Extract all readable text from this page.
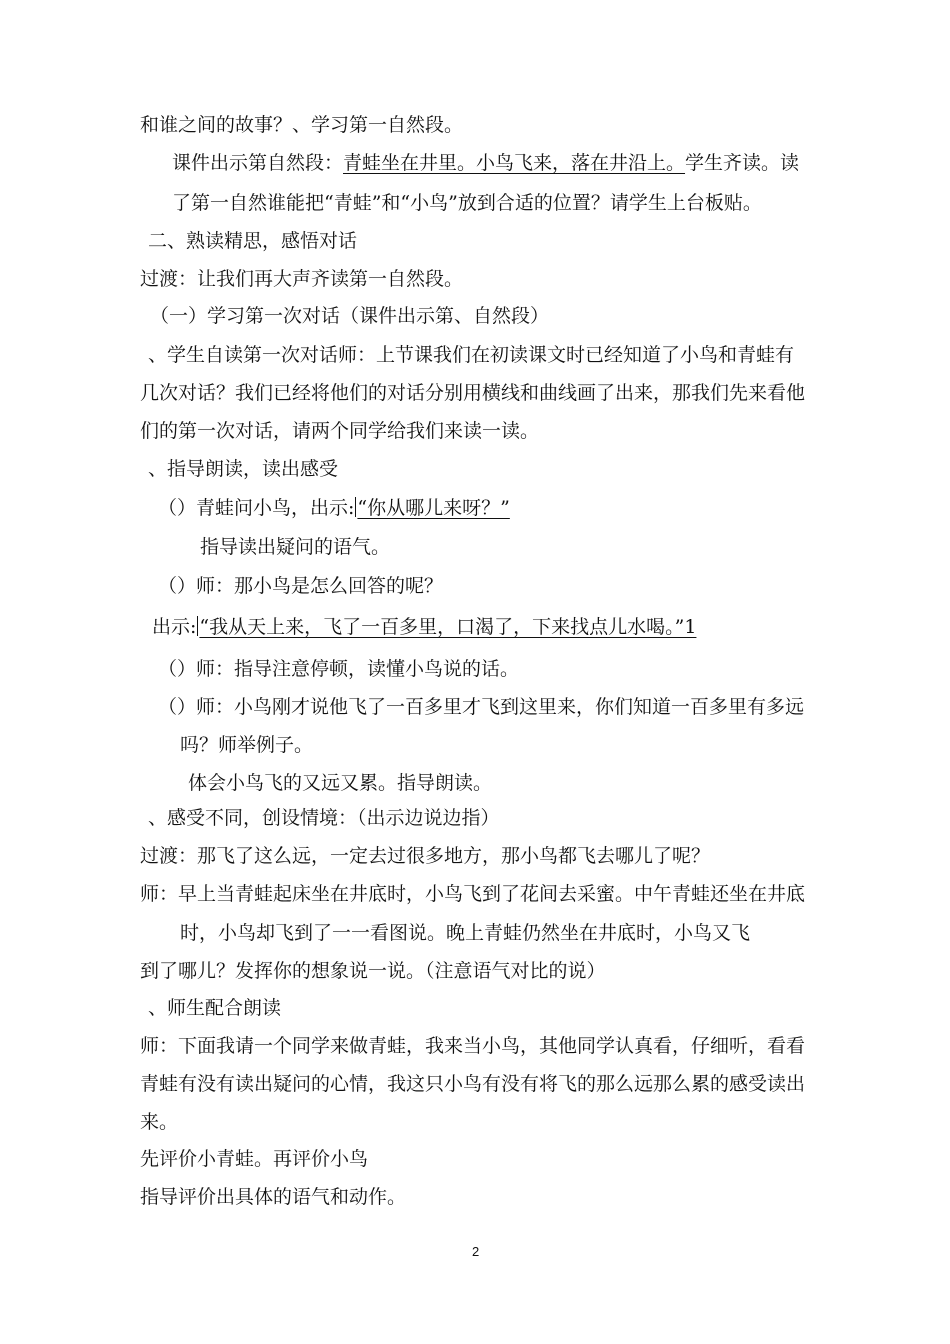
和谁之间的故事？、学习第一自然段。
课件出示第自然段：青蛙坐在井里。小鸟飞来，落在井沿上。学生齐读。读
了第一自然谁能把“青蛙”和“小鸟”放到合适的位置？请学生上台板贴。
二、熟读精思，感悟对话
过渡：让我们再大声齐读第一自然段。
（一）学习第一次对话（课件出示第、自然段）
、学生自读第一次对话师：上节课我们在初读课文时已经知道了小鸟和青蛙有
几次对话？我们已经将他们的对话分别用横线和曲线画了出来，那我们先来看他
们的第一次对话，请两个同学给我们来读一读。
、指导朗读，读出感受
（）青蛙问小鸟，出示: “你从哪儿来呀？”
指导读出疑问的语气。
（）师：那小鸟是怎么回答的呢？
出示: “我从天上来，飞了一百多里，口渴了，下来找点儿水喝。”1
（）师：指导注意停顿，读懂小鸟说的话。
（）师：小鸟刚才说他飞了一百多里才飞到这里来，你们知道一百多里有多远
吗？师举例子。
体会小鸟飞的又远又累。指导朗读。
、感受不同，创设情境：（出示边说边指）
过渡：那飞了这么远，一定去过很多地方，那小鸟都飞去哪儿了呢？
师：早上当青蛙起床坐在井底时，小鸟飞到了花间去采蜜。中午青蛙还坐在井底
时，小鸟却飞到了一一看图说。晚上青蛙仍然坐在井底时，小鸟又飞
到了哪儿？发挥你的想象说一说。（注意语气对比的说）
、师生配合朗读
师：下面我请一个同学来做青蛙，我来当小鸟，其他同学认真看，仔细听，看看
青蛙有没有读出疑问的心情，我这只小鸟有没有将飞的那么远那么累的感受读出
来。
先评价小青蛙。再评价小鸟
指导评价出具体的语气和动作。
2
